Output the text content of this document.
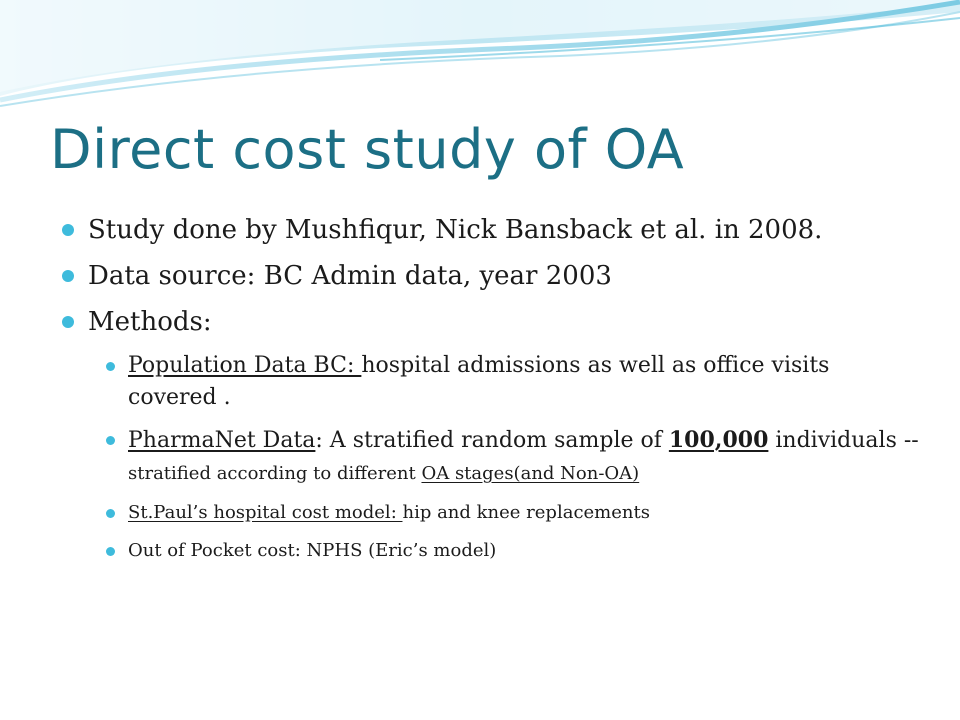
Direct cost study of OA
Study done by Mushfiqur, Nick Bansback et al. in 2008.
Data source: BC Admin data, year 2003
Methods:
Population Data BC: hospital admissions as well as office visits covered .
PharmaNet Data: A stratified random sample of 100,000 individuals --stratified according to different OA stages(and Non-OA)
St.Paul’s hospital cost model: hip and knee replacements
Out of Pocket cost: NPHS (Eric’s model)
